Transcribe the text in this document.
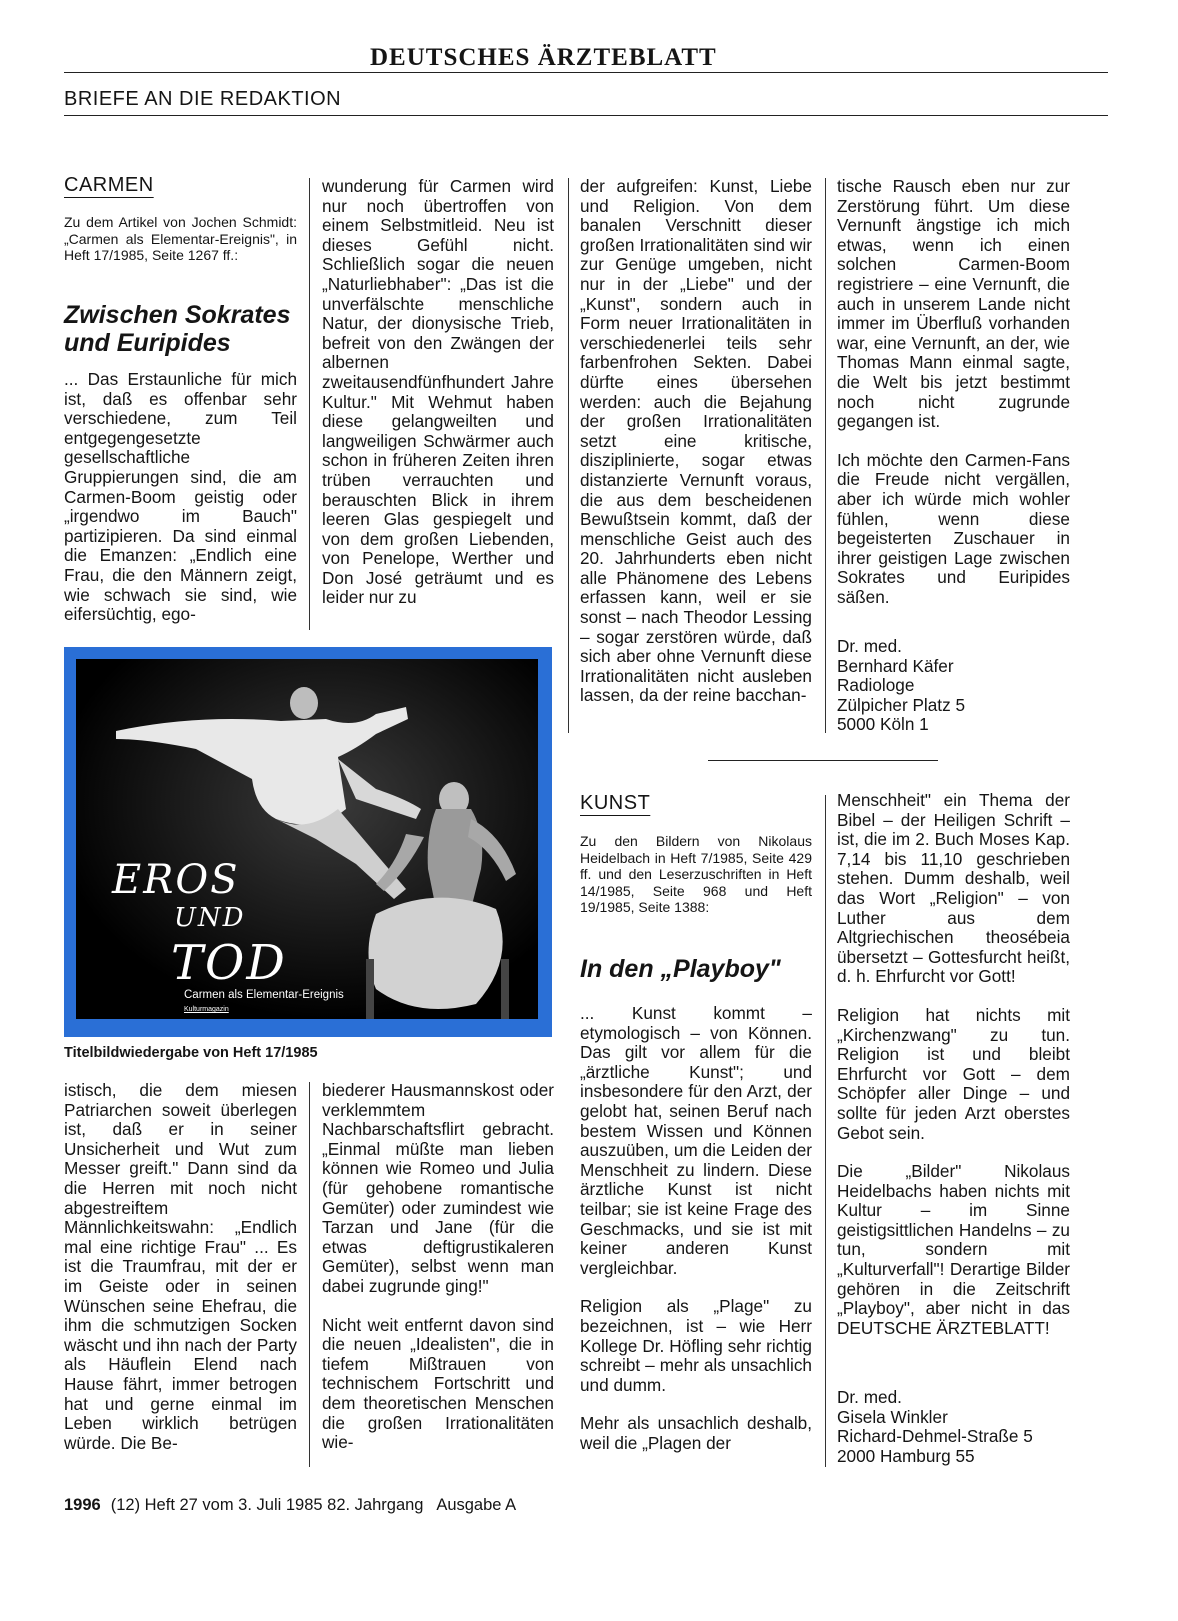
DEUTSCHES ÄRZTEBLATT
BRIEFE AN DIE REDAKTION
CARMEN
Zu dem Artikel von Jochen Schmidt: „Carmen als Elementar-Ereignis", in Heft 17/1985, Seite 1267 ff.:
Zwischen Sokrates und Euripides
... Das Erstaunliche für mich ist, daß es offenbar sehr verschiedene, zum Teil entgegengesetzte gesellschaftliche Gruppierungen sind, die am Carmen-Boom geistig oder „irgendwo im Bauch" partizipieren. Da sind einmal die Emanzen: „Endlich eine Frau, die den Männern zeigt, wie schwach sie sind, wie eifersüchtig, ego-
wunderung für Carmen wird nur noch übertroffen von einem Selbstmitleid. Neu ist dieses Gefühl nicht. Schließlich sogar die neuen „Naturliebhaber": „Das ist die unverfälschte menschliche Natur, der dionysische Trieb, befreit von den Zwängen der albernen zweitausendfünfhundert Jahre Kultur." Mit Wehmut haben diese gelangweilten und langweiligen Schwärmer auch schon in früheren Zeiten ihren trüben verrauchten und berauschten Blick in ihrem leeren Glas gespiegelt und von dem großen Liebenden, von Penelope, Werther und Don José geträumt und es leider nur zu
der aufgreifen: Kunst, Liebe und Religion. Von dem banalen Verschnitt dieser großen Irrationalitäten sind wir zur Genüge umgeben, nicht nur in der „Liebe" und der „Kunst", sondern auch in Form neuer Irrationalitäten in verschiedenerlei teils sehr farbenfrohen Sekten. Dabei dürfte eines übersehen werden: auch die Bejahung der großen Irrationalitäten setzt eine kritische, disziplinierte, sogar etwas distanzierte Vernunft voraus, die aus dem bescheidenen Bewußtsein kommt, daß der menschliche Geist auch des 20. Jahrhunderts eben nicht alle Phänomene des Lebens erfassen kann, weil er sie sonst – nach Theodor Lessing – sogar zerstören würde, daß sich aber ohne Vernunft diese Irrationalitäten nicht ausleben lassen, da der reine bacchan-

tische Rausch eben nur zur Zerstörung führt. Um diese Vernunft ängstige ich mich etwas, wenn ich einen solchen Carmen-Boom registriere – eine Vernunft, die auch in unserem Lande nicht immer im Überfluß vorhanden war, eine Vernunft, an der, wie Thomas Mann einmal sagte, die Welt bis jetzt bestimmt noch nicht zugrunde gegangen ist.

Ich möchte den Carmen-Fans die Freude nicht vergällen, aber ich würde mich wohler fühlen, wenn diese begeisterten Zuschauer in ihrer geistigen Lage zwischen Sokrates und Euripides säßen.

Dr. med.
Bernhard Käfer
Radiologe
Zülpicher Platz 5
5000 Köln 1
EROS
UND
TOD
Carmen als Elementar-Ereignis
Kulturmagazin
Titelbildwiedergabe von Heft 17/1985
istisch, die dem miesen Patriarchen soweit überlegen ist, daß er in seiner Unsicherheit und Wut zum Messer greift." Dann sind da die Herren mit noch nicht abgestreiftem Männlichkeitswahn: „Endlich mal eine richtige Frau" ... Es ist die Traumfrau, mit der er im Geiste oder in seinen Wünschen seine Ehefrau, die ihm die schmutzigen Socken wäscht und ihn nach der Party als Häuflein Elend nach Hause fährt, immer betrogen hat und gerne einmal im Leben wirklich betrügen würde. Die Be-

biederer Hausmannskost oder verklemmtem Nachbarschaftsflirt gebracht. „Einmal müßte man lieben können wie Romeo und Julia (für gehobene romantische Gemüter) oder zumindest wie Tarzan und Jane (für die etwas deftigrustikaleren Gemüter), selbst wenn man dabei zugrunde ging!"

Nicht weit entfernt davon sind die neuen „Idealisten", die in tiefem Mißtrauen von technischem Fortschritt und dem theoretischen Menschen die großen Irrationalitäten wie-

KUNST
Zu den Bildern von Nikolaus Heidelbach in Heft 7/1985, Seite 429 ff. und den Leserzuschriften in Heft 14/1985, Seite 968 und Heft 19/1985, Seite 1388:
In den „Playboy"

... Kunst kommt – etymologisch – von Können. Das gilt vor allem für die „ärztliche Kunst"; und insbesondere für den Arzt, der gelobt hat, seinen Beruf nach bestem Wissen und Können auszuüben, um die Leiden der Menschheit zu lindern. Diese ärztliche Kunst ist nicht teilbar; sie ist keine Frage des Geschmacks, und sie ist mit keiner anderen Kunst vergleichbar.

Religion als „Plage" zu bezeichnen, ist – wie Herr Kollege Dr. Höfling sehr richtig schreibt – mehr als unsachlich und dumm.

Mehr als unsachlich deshalb, weil die „Plagen der

Menschheit" ein Thema der Bibel – der Heiligen Schrift – ist, die im 2. Buch Moses Kap. 7,14 bis 11,10 geschrieben stehen. Dumm deshalb, weil das Wort „Religion" – von Luther aus dem Altgriechischen theosébeia übersetzt – Gottesfurcht heißt, d. h. Ehrfurcht vor Gott!

Religion hat nichts mit „Kirchenzwang" zu tun. Religion ist und bleibt Ehrfurcht vor Gott – dem Schöpfer aller Dinge – und sollte für jeden Arzt oberstes Gebot sein.

Die „Bilder" Nikolaus Heidelbachs haben nichts mit Kultur – im Sinne geistigsittlichen Handelns – zu tun, sondern mit „Kulturverfall"! Derartige Bilder gehören in die Zeitschrift „Playboy", aber nicht in das DEUTSCHE ÄRZTEBLATT!

Dr. med.
Gisela Winkler
Richard-Dehmel-Straße 5
2000 Hamburg 55
1996 (12) Heft 27 vom 3. Juli 1985 82. Jahrgang   Ausgabe A
